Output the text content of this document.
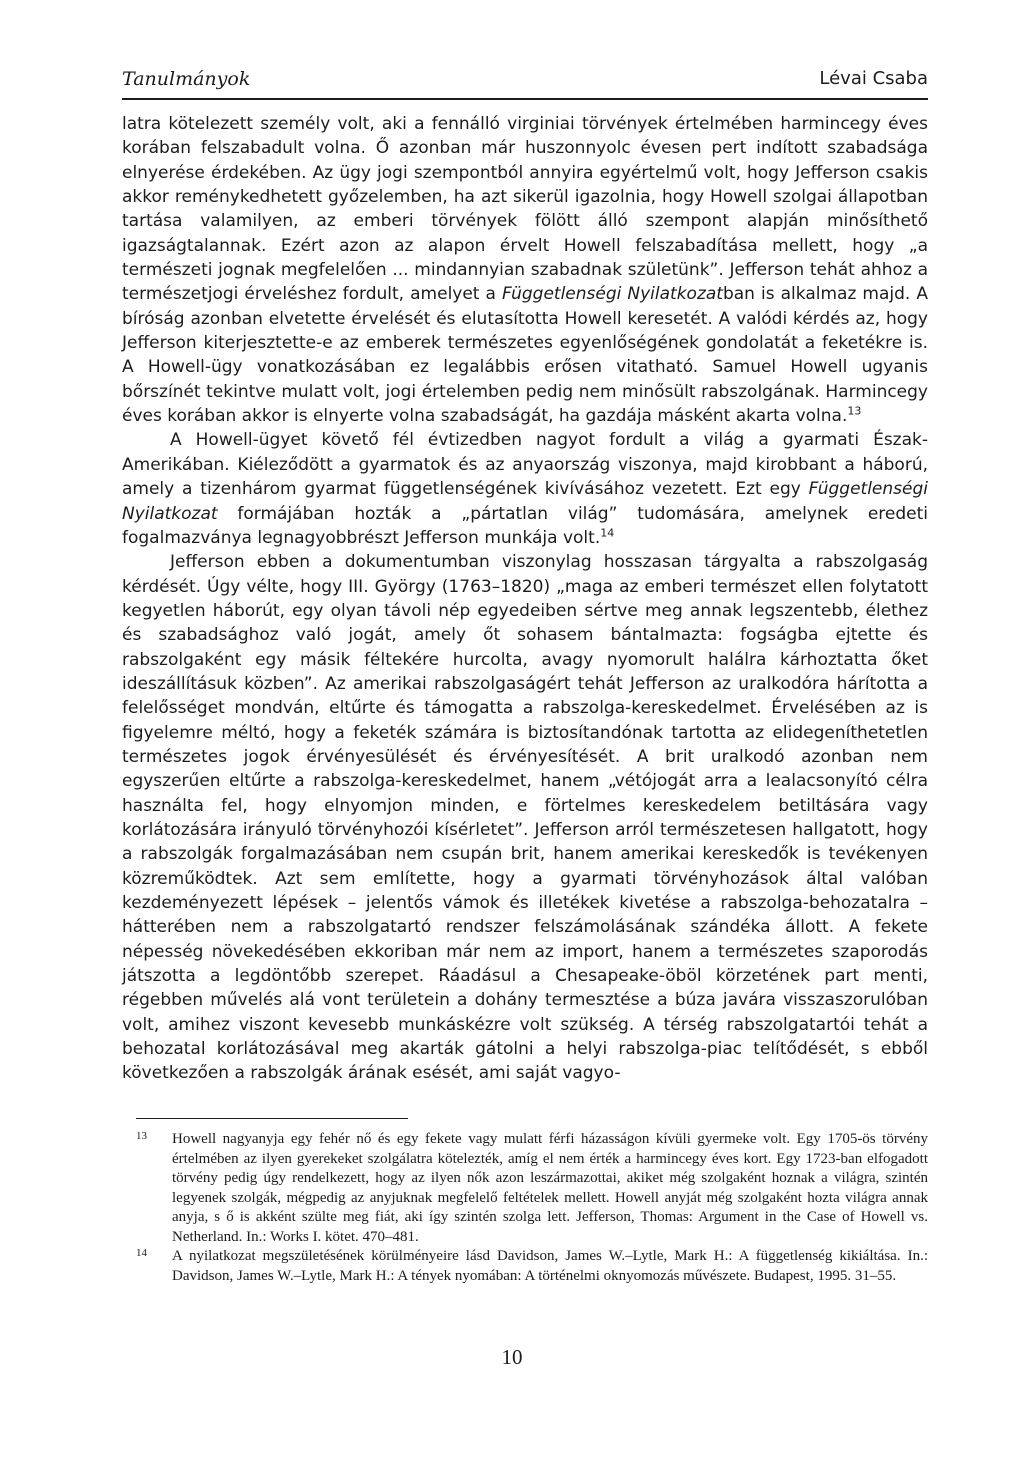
Tanulmányok	Lévai Csaba

latra kötelezett személy volt, aki a fennálló virginiai törvények értelmében harmincegy éves korában felszabadult volna. Ő azonban már huszonnyolc évesen pert indított szabadsága elnyerése érdekében. Az ügy jogi szempontból annyira egyértelmű volt, hogy Jefferson csakis akkor reménykedhetett győzelemben, ha azt sikerül igazolnia, hogy Howell szolgai állapotban tartása valamilyen, az emberi törvények fölött álló szempont alapján minősíthető igazságtalannak. Ezért azon az alapon érvelt Howell felszabadítása mellett, hogy „a természeti jognak megfelelően ... mindannyian szabadnak születünk”. Jefferson tehát ahhoz a természetjogi érveléshez fordult, amelyet a Függetlenségi Nyilatkozatban is alkalmaz majd. A bíróság azonban elvetette érvelését és elutasította Howell keresetét. A valódi kérdés az, hogy Jefferson kiterjesztette-e az emberek természetes egyenlőségének gondolatát a feketékre is. A Howell-ügy vonatkozásában ez legalábbis erősen vitatható. Samuel Howell ugyanis bőrszínét tekintve mulatt volt, jogi értelemben pedig nem minősült rabszolgának. Harmincegy éves korában akkor is elnyerte volna szabadságát, ha gazdája másként akarta volna.$^{13}$

A Howell-ügyet követő fél évtizedben nagyot fordult a világ a gyarmati Észak-Amerikában. Kiéleződött a gyarmatok és az anyaország viszonya, majd kirobbant a háború, amely a tizenhárom gyarmat függetlenségének kivívásához vezetett. Ezt egy Függetlenségi Nyilatkozat formájában hozták a „pártatlan világ” tudomására, amelynek eredeti fogalmazványa legnagyobbrészt Jefferson munkája volt.$^{14}$

Jefferson ebben a dokumentumban viszonylag hosszasan tárgyalta a rabszolgaság kérdését. Úgy vélte, hogy III. György (1763–1820) „maga az emberi természet ellen folytatott kegyetlen háborút, egy olyan távoli nép egyedeiben sértve meg annak legszentebb, élethez és szabadsághoz való jogát, amely őt sohasem bántalmazta: fogságba ejtette és rabszolgaként egy másik féltekére hurcolta, avagy nyomorult halálra kárhoztatta őket ideszállításuk közben”. Az amerikai rabszolgaságért tehát Jefferson az uralkodóra hárította a felelősséget mondván, eltűrte és támogatta a rabszolga-kereskedelmet. Érvelésében az is figyelemre méltó, hogy a feketék számára is biztosítandónak tartotta az elidegeníthetetlen természetes jogok érvényesülését és érvényesítését. A brit uralkodó azonban nem egyszerűen eltűrte a rabszolga-kereskedelmet, hanem „vétójogát arra a lealacsonyító célra használta fel, hogy elnyomjon minden, e förtelmes kereskedelem betiltására vagy korlátozására irányuló törvényhozói kísérletet”. Jefferson arról természetesen hallgatott, hogy a rabszolgák forgalmazásában nem csupán brit, hanem amerikai kereskedők is tevékenyen közreműködtek. Azt sem említette, hogy a gyarmati törvényhozások által valóban kezdeményezett lépések – jelentős vámok és illetékek kivetése a rabszolga-behozatalra – hátterében nem a rabszolgatartó rendszer felszámolásának szándéka állott. A fekete népesség növekedésében ekkoriban már nem az import, hanem a természetes szaporodás játszotta a legdöntőbb szerepet. Ráadásul a Chesapeake-öböl körzetének part menti, régebben művelés alá vont területein a dohány termesztése a búza javára visszaszorulóban volt, amihez viszont kevesebb munkáskézre volt szükség. A térség rabszolgatartói tehát a behozatal korlátozásával meg akarták gátolni a helyi rabszolga-piac telítődését, s ebből következően a rabszolgák árának esését, ami saját vagyo-

13 Howell nagyanyja egy fehér nő és egy fekete vagy mulatt férfi házasságon kívüli gyermeke volt. Egy 1705-ös törvény értelmében az ilyen gyerekeket szolgálatra kötelezték, amíg el nem érték a harmincegy éves kort. Egy 1723-ban elfogadott törvény pedig úgy rendelkezett, hogy az ilyen nők azon leszármazottai, akiket még szolgaként hoznak a világra, szintén legyenek szolgák, mégpedig az anyjuknak megfelelő feltételek mellett. Howell anyját még szolgaként hozta világra annak anyja, s ő is akként szülte meg fiát, aki így szintén szolga lett. Jefferson, Thomas: Argument in the Case of Howell vs. Netherland. In.: Works I. kötet. 470–481.

14 A nyilatkozat megszületésének körülményeire lásd Davidson, James W.–Lytle, Mark H.: A függetlenség kikiáltása. In.: Davidson, James W.–Lytle, Mark H.: A tények nyomában: A történelmi oknyomozás művészete. Budapest, 1995. 31–55.

10
